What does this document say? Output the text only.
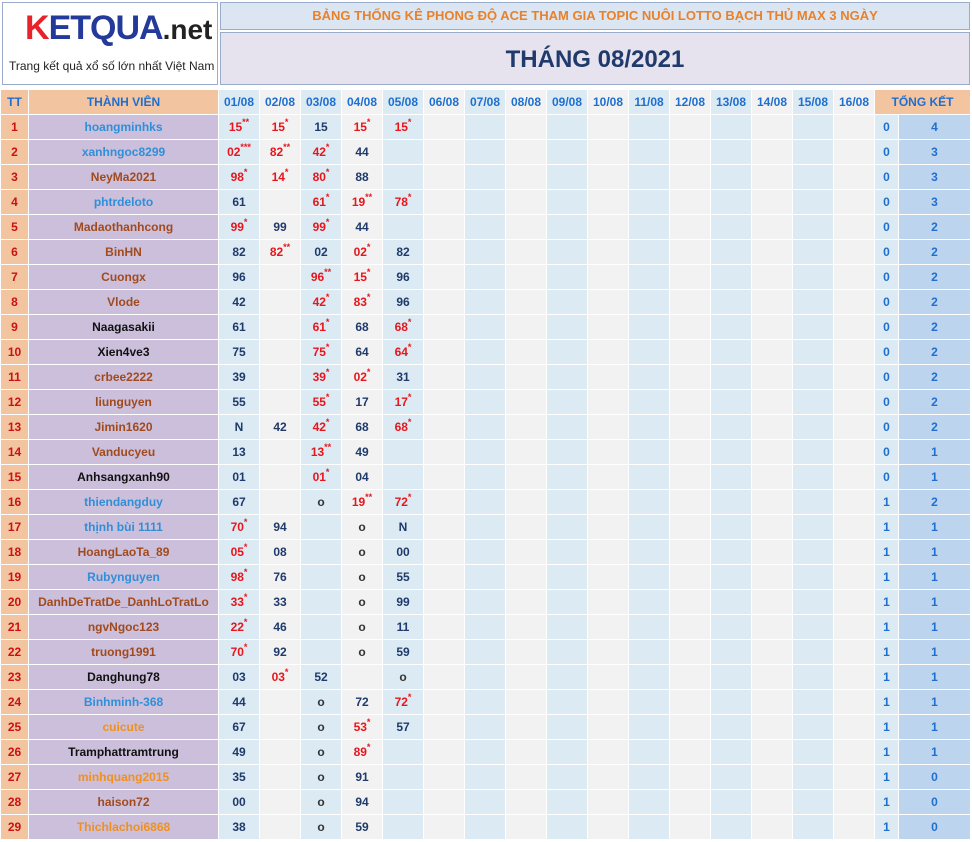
KETQUA.net
Trang kết quả xổ số lớn nhất Việt Nam
BẢNG THỐNG KÊ PHONG ĐỘ ACE THAM GIA TOPIC NUÔI LOTTO BẠCH THỦ MAX 3 NGÀY
THÁNG 08/2021
TT	THÀNH VIÊN	01/08	02/08	03/08	04/08	05/08	06/08	07/08	08/08	09/08	10/08	11/08	12/08	13/08	14/08	15/08	16/08	TỔNG KẾT	
1	hoangminhks	15**	15*	15	15*	15*												0	4
2	xanhngoc8299	02***	82**	42*	44													0	3
3	NeyMa2021	98*	14*	80*	88													0	3
4	phtrdeloto	61		61*	19**	78*												0	3
5	Madaothanhcong	99*	99	99*	44													0	2
6	BinHN	82	82**	02	02*	82												0	2
7	Cuongx	96		96**	15*	96												0	2
8	Vlode	42		42*	83*	96												0	2
9	Naagasakii	61		61*	68	68*												0	2
10	Xien4ve3	75		75*	64	64*												0	2
11	crbee2222	39		39*	02*	31												0	2
12	liunguyen	55		55*	17	17*												0	2
13	Jimin1620	N	42	42*	68	68*												0	2
14	Vanducyeu	13		13**	49													0	1
15	Anhsangxanh90	01		01*	04													0	1
16	thiendangduy	67		o	19**	72*												1	2
17	thịnh bùi 1111	70*	94		o	N												1	1
18	HoangLaoTa_89	05*	08		o	00												1	1
19	Rubynguyen	98*	76		o	55												1	1
20	DanhDeTratDe_DanhLoTratLo	33*	33		o	99												1	1
21	ngvNgoc123	22*	46		o	11												1	1
22	truong1991	70*	92		o	59												1	1
23	Danghung78	03	03*	52		o												1	1
24	Binhminh-368	44		o	72	72*												1	1
25	cuicute	67		o	53*	57												1	1
26	Tramphattramtrung	49		o	89*													1	1
27	minhquang2015	35		o	91													1	0
28	haison72	00		o	94													1	0
29	Thichlachoi6868	38		o	59													1	0
